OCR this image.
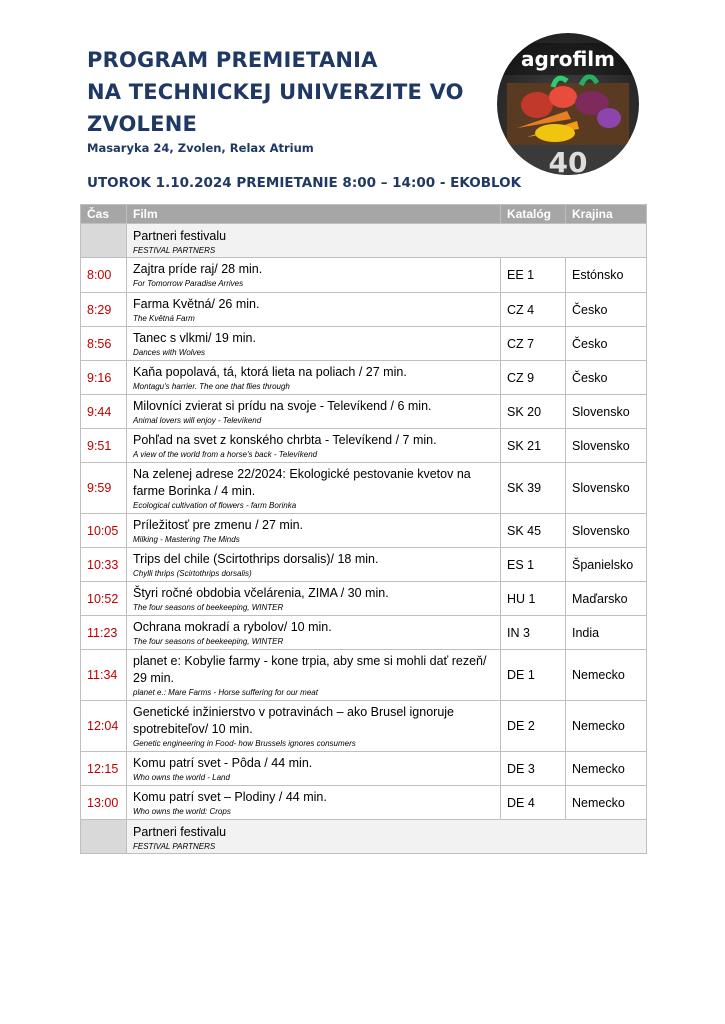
PROGRAM PREMIETANIA
NA TECHNICKEJ UNIVERZITE VO
ZVOLENE
Masaryka 24, Zvolen, Relax Atrium
UTOROK 1.10.2024 PREMIETANIE 8:00 – 14:00 - EKOBLOK
40
agrofilm
Čas	Film	Katalóg	Krajina

	Partneri festivalu
FESTIVAL PARTNERS		

8:00	Zajtra príde raj/ 28 min.
For Tomorrow Paradise Arrives	EE 1	Estónsko
8:29	Farma Květná/ 26 min.
The Květná Farm	CZ 4	Česko
8:56	Tanec s vlkmi/ 19 min.
Dances with Wolves	CZ 7	Česko
9:16	Kaňa popolavá, tá, ktorá lieta na poliach / 27 min.
Montagu's harrier. The one that flies through	CZ 9	Česko
9:44	Milovníci zvierat si prídu na svoje - Televíkend / 6 min.
Animal lovers will enjoy - Televíkend	SK 20	Slovensko
9:51	Pohľad na svet z konského chrbta - Televíkend / 7 min.
A view of the world from a horse's back - Televíkend	SK 21	Slovensko
9:59	Na zelenej adrese 22/2024: Ekologické pestovanie kvetov na farme Borinka / 4 min.
Ecological cultivation of flowers - farm Borinka	SK 39	Slovensko
10:05	Príležitosť pre zmenu / 27 min.
Milking - Mastering The Minds	SK 45	Slovensko
10:33	Trips del chile (Scirtothrips dorsalis)/ 18 min.
Chylli thrips (Scirtothrips dorsalis)	ES 1	Španielsko
10:52	Štyri ročné obdobia včelárenia, ZIMA / 30 min.
The four seasons of beekeeping, WINTER	HU 1	Maďarsko
11:23	Ochrana mokradí a rybolov/ 10 min.
The four seasons of beekeeping, WINTER	IN 3	India
11:34	planet e: Kobylie farmy - kone trpia, aby sme si mohli dať rezeň/ 29 min.
planet e.: Mare Farms - Horse suffering for our meat	DE 1	Nemecko
12:04	Genetické inžinierstvo v potravinách – ako Brusel ignoruje spotrebiteľov/ 10 min.
Genetic engineering in Food- how Brussels ignores consumers	DE 2	Nemecko
12:15	Komu patrí svet - Pôda / 44 min.
Who owns the world - Land	DE 3	Nemecko
13:00	Komu patrí svet – Plodiny / 44 min.
Who owns the world: Crops	DE 4	Nemecko

	Partneri festivalu
FESTIVAL PARTNERS		
